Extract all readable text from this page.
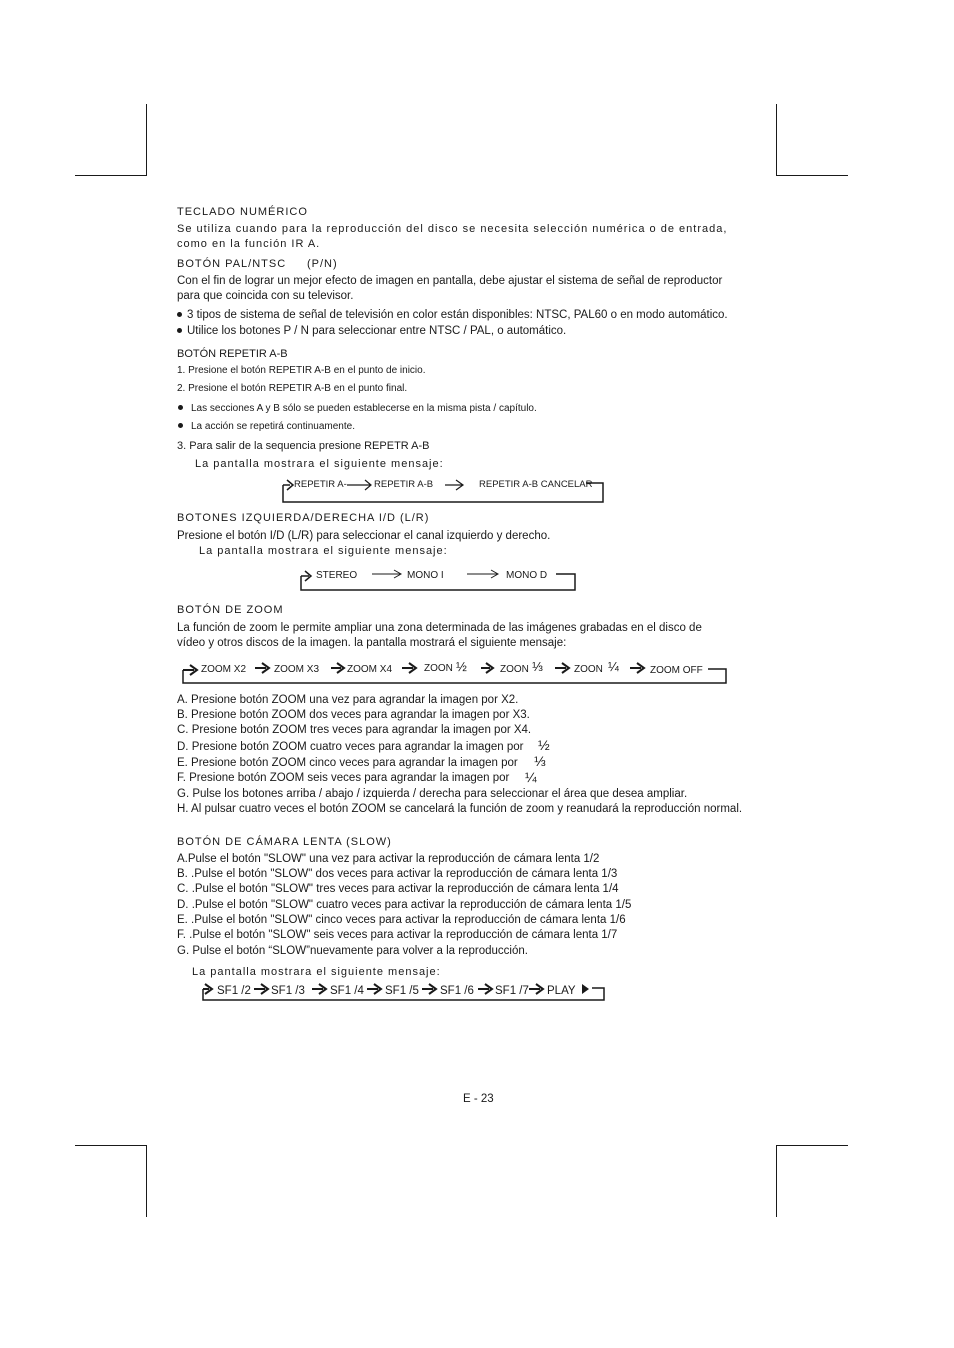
TECLADO NUMÉRICO
Se utiliza cuando para la reproducción del disco se necesita selección numérica o de entrada,
como en la función IR A.
BOTÓN PAL/NTSC (P/N)
Con el fin de lograr un mejor efecto de imagen en pantalla, debe ajustar el sistema de señal de reproductor
para que coincida con su televisor.
3 tipos de sistema de señal de televisión en color están disponibles: NTSC, PAL60 o en modo automático.
Utilice los botones P / N para seleccionar entre NTSC / PAL, o automático.
BOTÓN REPETIR A-B
1. Presione el botón REPETIR A-B en el punto de inicio.
2. Presione el botón REPETIR A-B en el punto final.
Las secciones A y B sólo se pueden establecerse en la misma pista / capítulo.
La acción se repetirá continuamente.
3. Para salir de la sequencia presione REPETR A-B
La pantalla mostrara el siguiente mensaje:
REPETIR A-	REPETIR A-B	REPETIR A-B CANCELAR
BOTONES IZQUIERDA/DERECHA I/D (L/R)
Presione el botón I/D (L/R) para seleccionar el canal izquierdo y derecho.
La pantalla mostrara el siguiente mensaje:
STEREO	MONO I	MONO D
BOTÓN DE ZOOM
La función de zoom le permite ampliar una zona determinada de las imágenes grabadas en el disco de
vídeo y otros discos de la imagen. la pantalla mostrará el siguiente mensaje:
ZOOM X2	ZOOM X3	ZOOM X4	ZOON ½	ZOON ⅓	ZOON ¼	ZOOM OFF
A. Presione botón ZOOM una vez para agrandar la imagen por X2.
B. Presione botón ZOOM dos veces para agrandar la imagen por X3.
C. Presione botón ZOOM tres veces para agrandar la imagen por X4.
D. Presione botón ZOOM cuatro veces para agrandar la imagen por ½
E. Presione botón ZOOM cinco veces para agrandar la imagen por ⅓
F. Presione botón ZOOM seis veces para agrandar la imagen por ¼
G. Pulse los botones arriba / abajo / izquierda / derecha para seleccionar el área que desea ampliar.
H. Al pulsar cuatro veces el botón ZOOM se cancelará la función de zoom y reanudará la reproducción normal.
BOTÓN DE CÁMARA LENTA (SLOW)
A.Pulse el botón "SLOW" una vez para activar la reproducción de cámara lenta 1/2
B. .Pulse el botón "SLOW" dos veces para activar la reproducción de cámara lenta 1/3
C. .Pulse el botón "SLOW" tres veces para activar la reproducción de cámara lenta 1/4
D. .Pulse el botón "SLOW" cuatro veces para activar la reproducción de cámara lenta 1/5
E. .Pulse el botón "SLOW" cinco veces para activar la reproducción de cámara lenta 1/6
F. .Pulse el botón "SLOW" seis veces para activar la reproducción de cámara lenta 1/7
G. Pulse el botón “SLOW”nuevamente para volver a la reproducción.
La pantalla mostrara el siguiente mensaje:
SF1 /2 SF1 /3 SF1 /4 SF1 /5 SF1 /6 SF1 /7 PLAY
E - 23
